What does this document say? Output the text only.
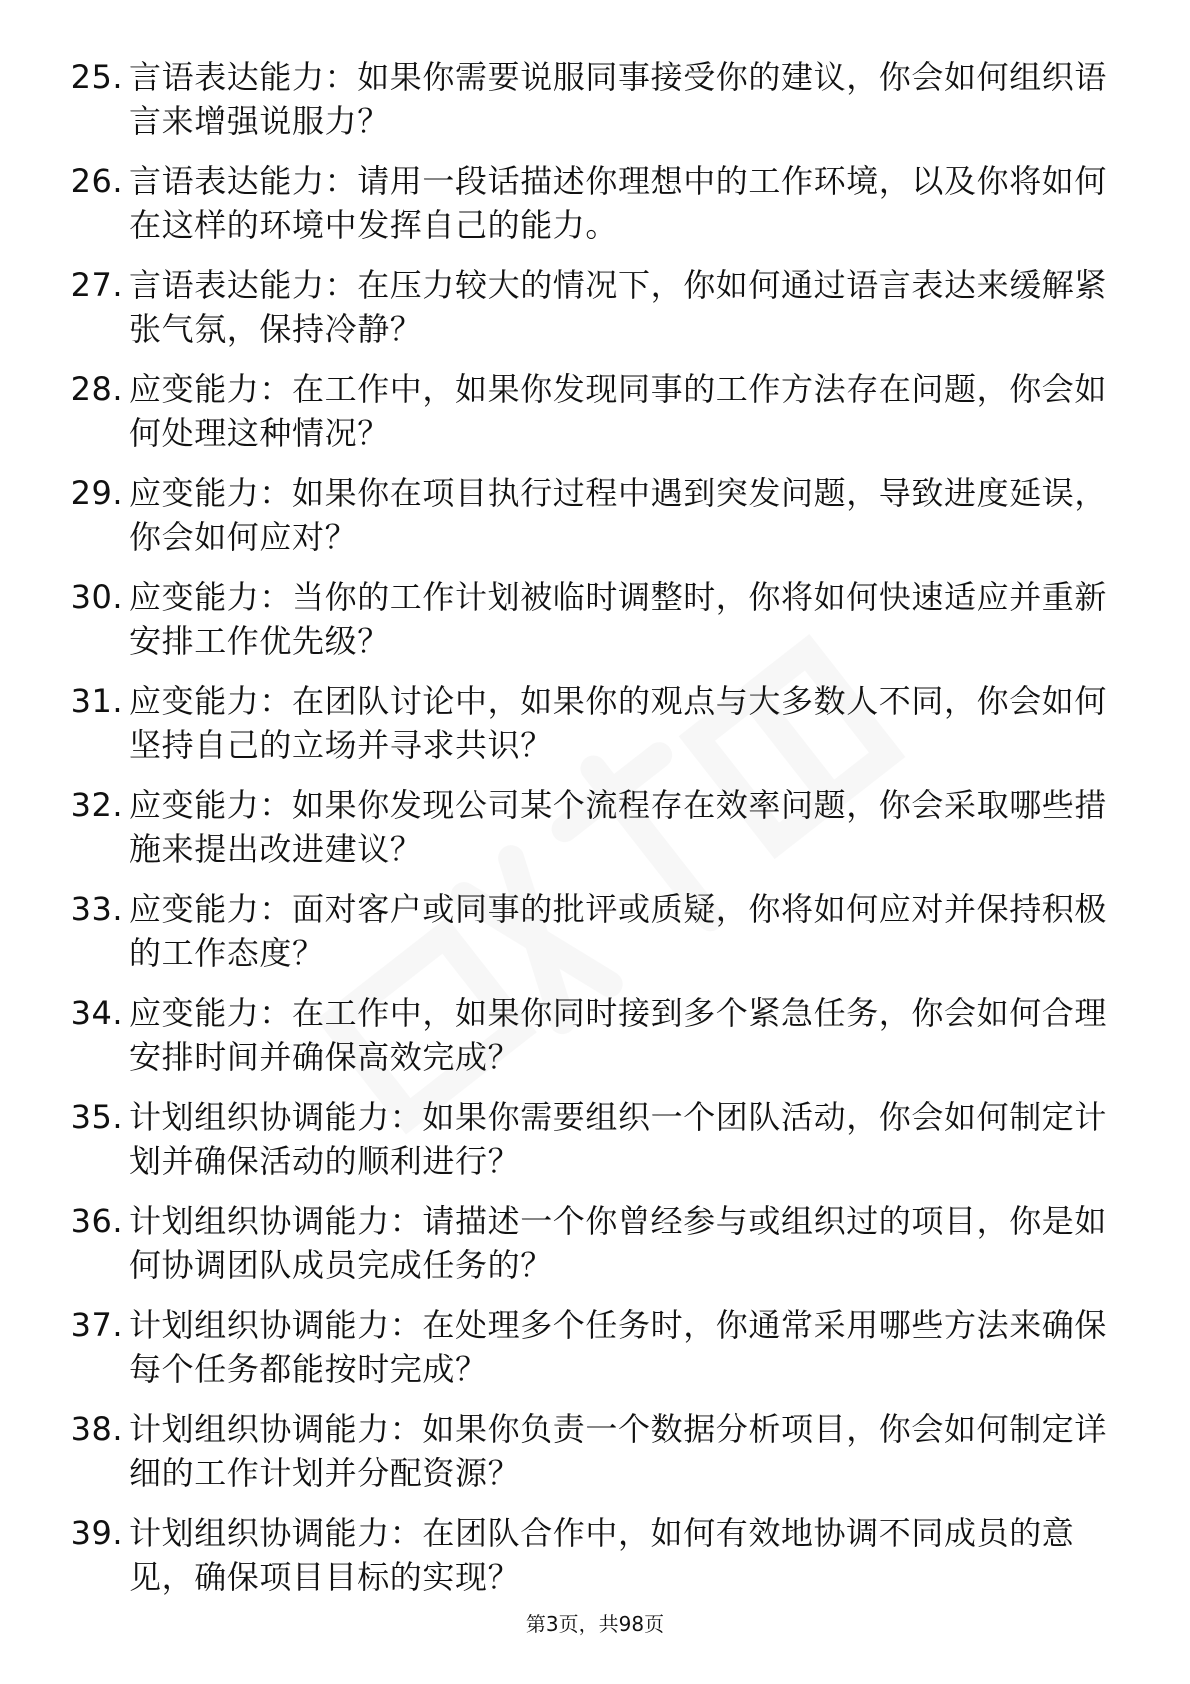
25. 言语表达能力：如果你需要说服同事接受你的建议，你会如何组织语言来增强说服力？
26. 言语表达能力：请用一段话描述你理想中的工作环境，以及你将如何在这样的环境中发挥自己的能力。
27. 言语表达能力：在压力较大的情况下，你如何通过语言表达来缓解紧张气氛，保持冷静？
28. 应变能力：在工作中，如果你发现同事的工作方法存在问题，你会如何处理这种情况？
29. 应变能力：如果你在项目执行过程中遇到突发问题，导致进度延误，你会如何应对？
30. 应变能力：当你的工作计划被临时调整时，你将如何快速适应并重新安排工作优先级？
31. 应变能力：在团队讨论中，如果你的观点与大多数人不同，你会如何坚持自己的立场并寻求共识？
32. 应变能力：如果你发现公司某个流程存在效率问题，你会采取哪些措施来提出改进建议？
33. 应变能力：面对客户或同事的批评或质疑，你将如何应对并保持积极的工作态度？
34. 应变能力：在工作中，如果你同时接到多个紧急任务，你会如何合理安排时间并确保高效完成？
35. 计划组织协调能力：如果你需要组织一个团队活动，你会如何制定计划并确保活动的顺利进行？
36. 计划组织协调能力：请描述一个你曾经参与或组织过的项目，你是如何协调团队成员完成任务的？
37. 计划组织协调能力：在处理多个任务时，你通常采用哪些方法来确保每个任务都能按时完成？
38. 计划组织协调能力：如果你负责一个数据分析项目，你会如何制定详细的工作计划并分配资源？
39. 计划组织协调能力：在团队合作中，如何有效地协调不同成员的意见，确保项目目标的实现？
第3页，共98页
